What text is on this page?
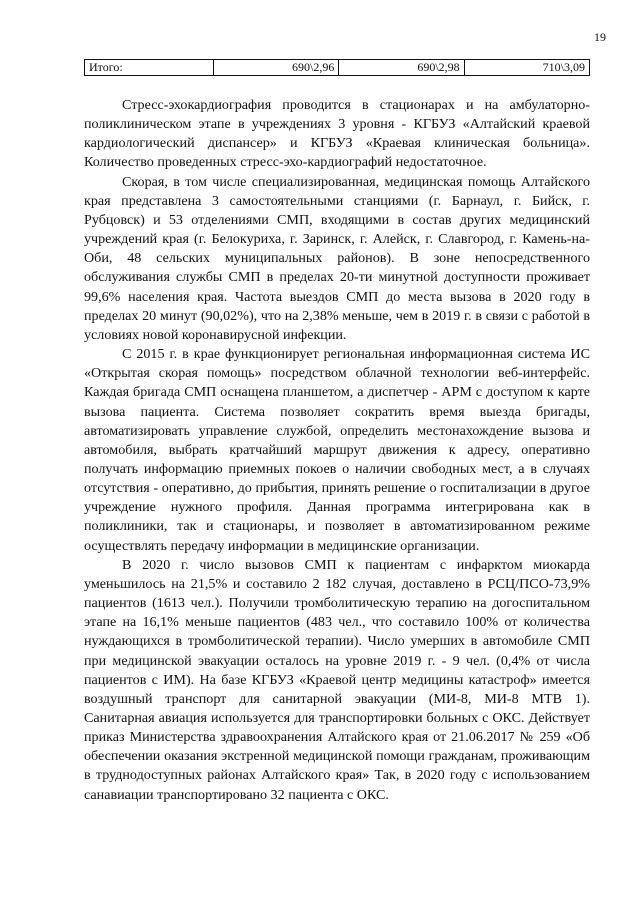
19
Итого:	690\2,96	690\2,98	710\3,09

Стресс-эхокардиография проводится в стационарах и на амбулаторно-поликлиническом этапе в учреждениях 3 уровня - КГБУЗ «Алтайский краевой кардиологический диспансер» и КГБУЗ «Краевая клиническая больница». Количество проведенных стресс-эхо-кардиографий недостаточное.

Скорая, в том числе специализированная, медицинская помощь Алтайского края представлена 3 самостоятельными станциями (г. Барнаул, г. Бийск, г. Рубцовск) и 53 отделениями СМП, входящими в состав других медицинский учреждений края (г. Белокуриха, г. Заринск, г. Алейск, г. Славгород, г. Камень-на-Оби, 48 сельских муниципальных районов). В зоне непосредственного обслуживания службы СМП в пределах 20-ти минутной доступности проживает 99,6% населения края. Частота выездов СМП до места вызова в 2020 году в пределах 20 минут (90,02%), что на 2,38% меньше, чем в 2019 г. в связи с работой в условиях новой коронавирусной инфекции.

С 2015 г. в крае функционирует региональная информационная система ИС «Открытая скорая помощь» посредством облачной технологии веб-интерфейс. Каждая бригада СМП оснащена планшетом, а диспетчер - АРМ с доступом к карте вызова пациента. Система позволяет сократить время выезда бригады, автоматизировать управление службой, определить местонахождение вызова и автомобиля, выбрать кратчайший маршрут движения к адресу, оперативно получать информацию приемных покоев о наличии свободных мест, а в случаях отсутствия - оперативно, до прибытия, принять решение о госпитализации в другое учреждение нужного профиля. Данная программа интегрирована как в поликлиники, так и стационары, и позволяет в автоматизированном режиме осуществлять передачу информации в медицинские организации.

В 2020 г. число вызовов СМП к пациентам с инфарктом миокарда уменьшилось на 21,5% и составило 2 182 случая, доставлено в РСЦ/ПСО-73,9% пациентов (1613 чел.). Получили тромболитическую терапию на догоспитальном этапе на 16,1% меньше пациентов (483 чел., что составило 100% от количества нуждающихся в тромболитической терапии). Число умерших в автомобиле СМП при медицинской эвакуации осталось на уровне 2019 г. - 9 чел. (0,4% от числа пациентов с ИМ). На базе КГБУЗ «Краевой центр медицины катастроф» имеется воздушный транспорт для санитарной эвакуации (МИ-8, МИ-8 МТВ 1). Санитарная авиация используется для транспортировки больных с ОКС. Действует приказ Министерства здравоохранения Алтайского края от 21.06.2017 № 259 «Об обеспечении оказания экстренной медицинской помощи гражданам, проживающим в труднодоступных районах Алтайского края» Так, в 2020 году с использованием санавиации транспортировано 32 пациента с ОКС.
